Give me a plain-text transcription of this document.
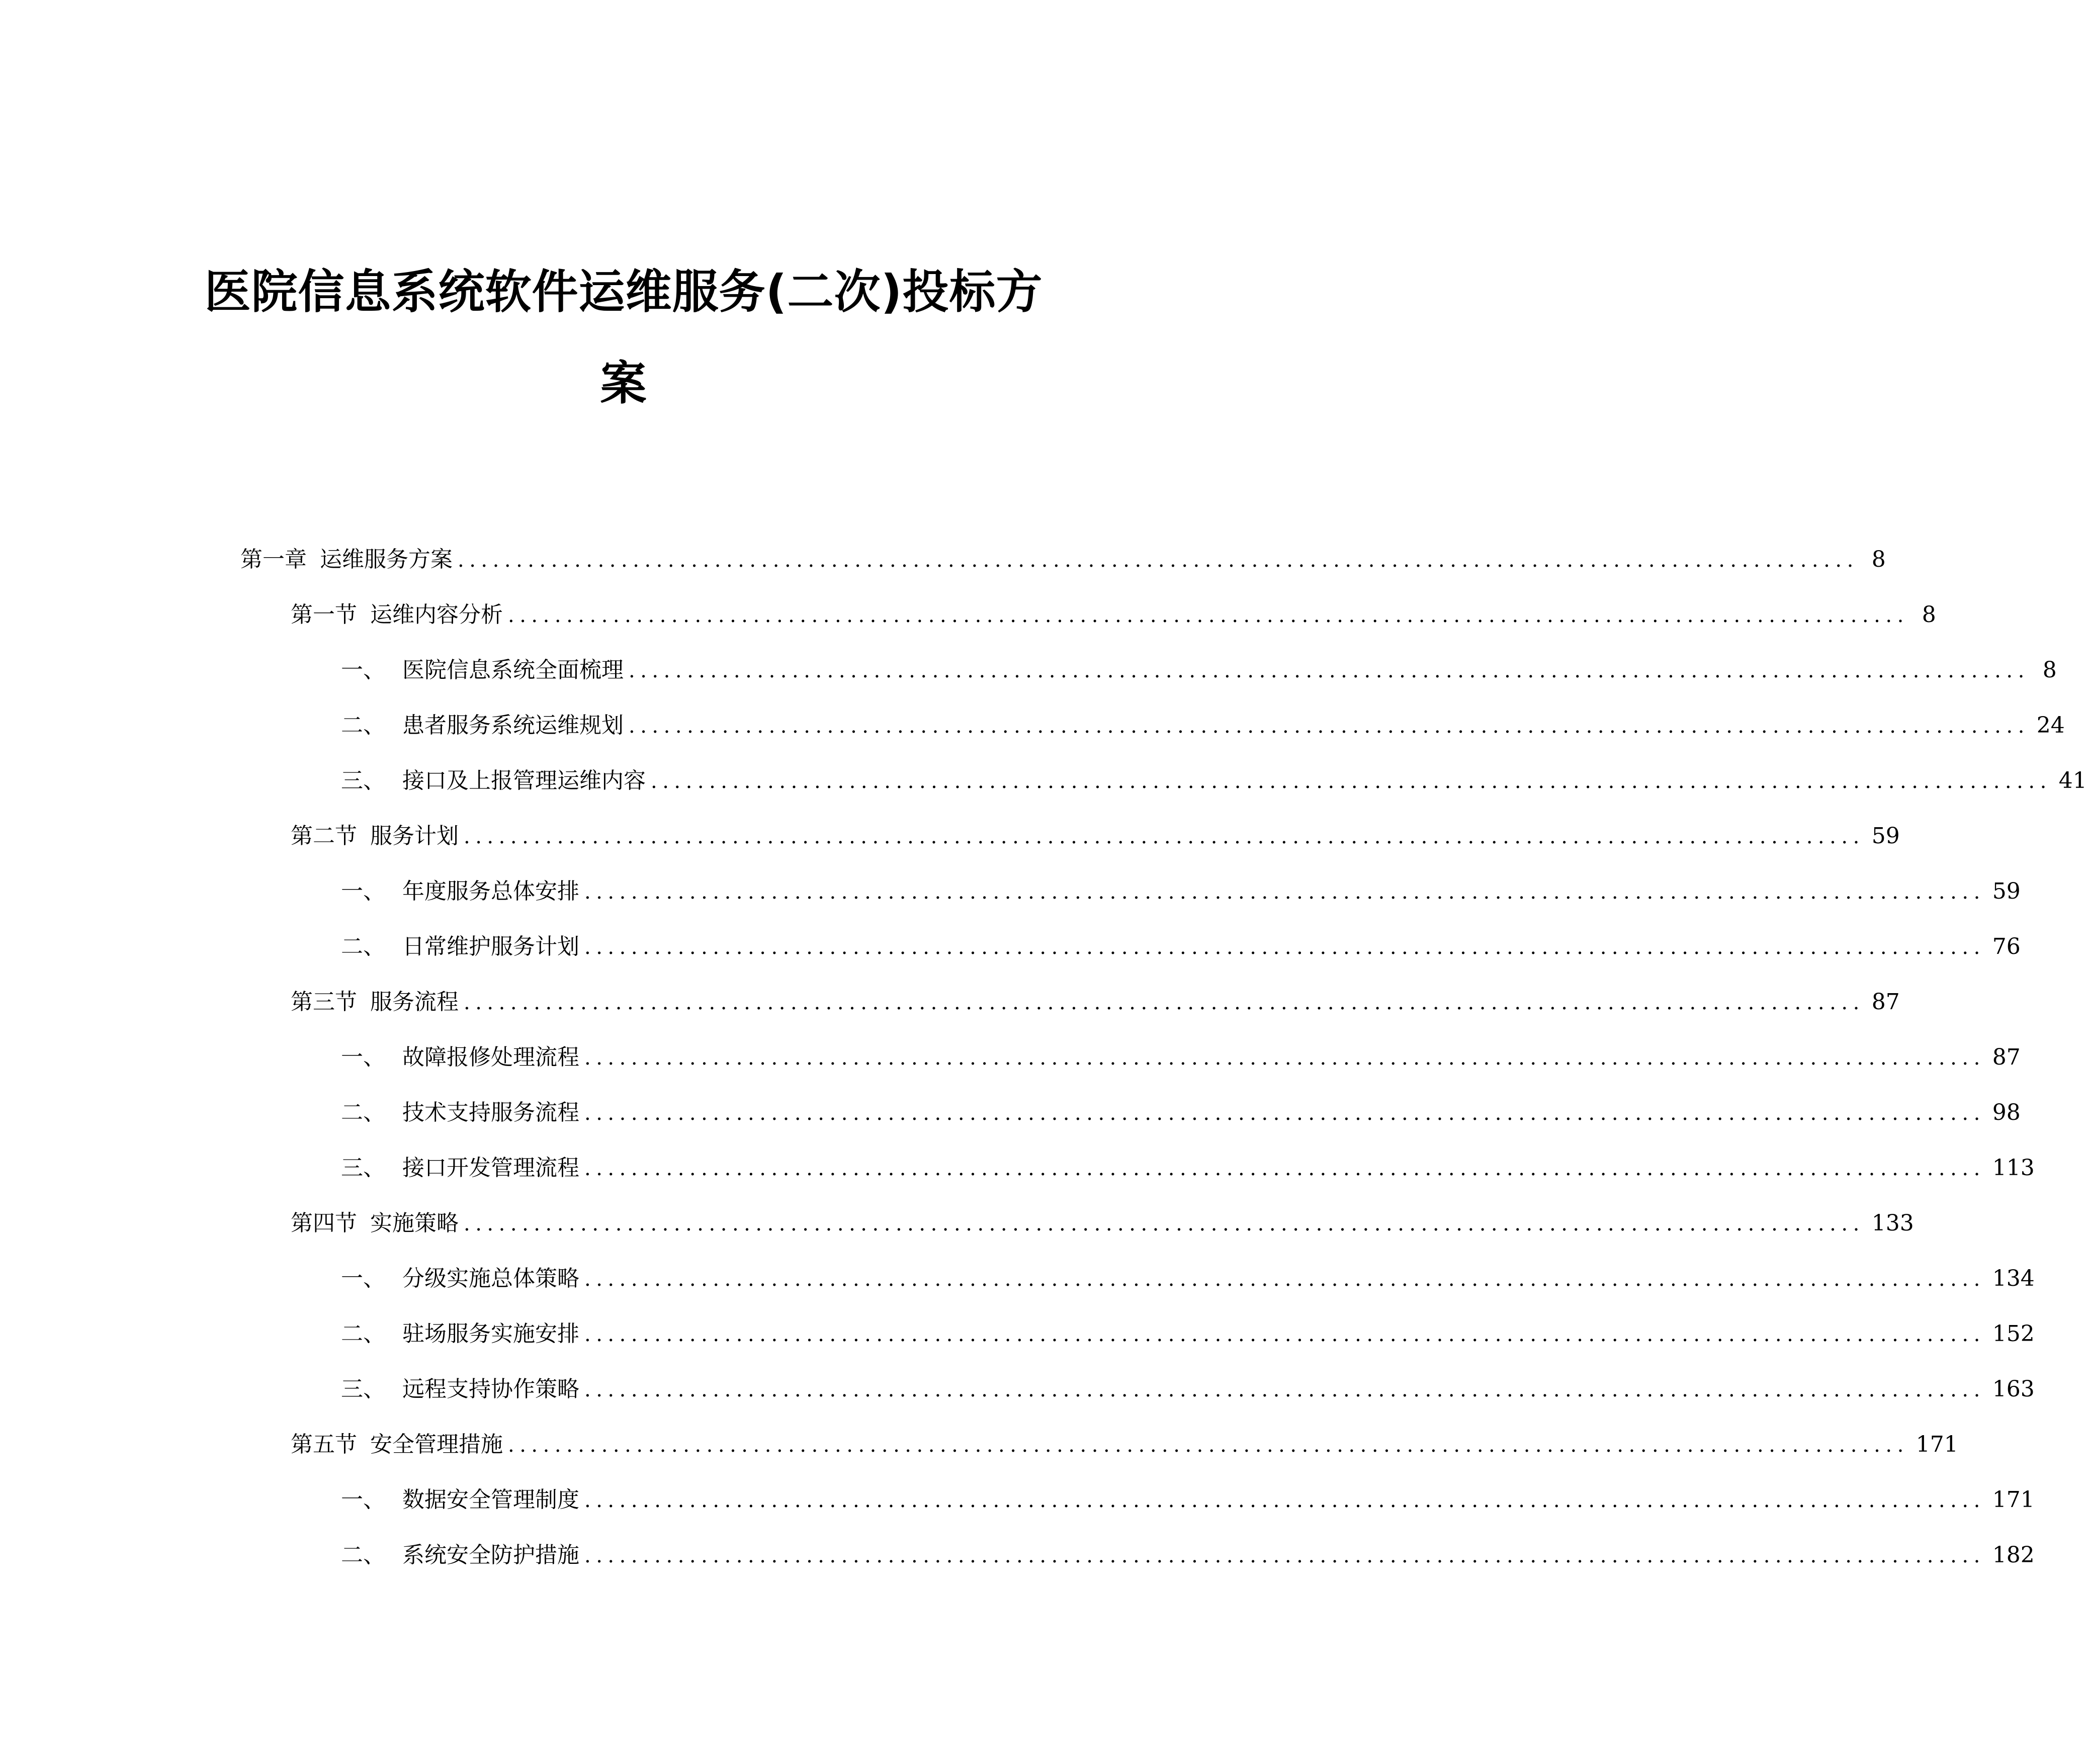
医院信息系统软件运维服务(二次)投标方案
第一章 运维服务方案 ........................................................................................................................ 8
第一节 运维内容分析 ........................................................................................................................ 8
一、 医院信息系统全面梳理 ........................................................................................................................ 8
二、 患者服务系统运维规划 ........................................................................................................................ 24
三、 接口及上报管理运维内容 ........................................................................................................................ 41
第二节 服务计划 ........................................................................................................................ 59
一、 年度服务总体安排 ........................................................................................................................ 59
二、 日常维护服务计划 ........................................................................................................................ 76
第三节 服务流程 ........................................................................................................................ 87
一、 故障报修处理流程 ........................................................................................................................ 87
二、 技术支持服务流程 ........................................................................................................................ 98
三、 接口开发管理流程 ........................................................................................................................ 113
第四节 实施策略 ........................................................................................................................ 133
一、 分级实施总体策略 ........................................................................................................................ 134
二、 驻场服务实施安排 ........................................................................................................................ 152
三、 远程支持协作策略 ........................................................................................................................ 163
第五节 安全管理措施 ........................................................................................................................ 171
一、 数据安全管理制度 ........................................................................................................................ 171
二、 系统安全防护措施 ........................................................................................................................ 182
